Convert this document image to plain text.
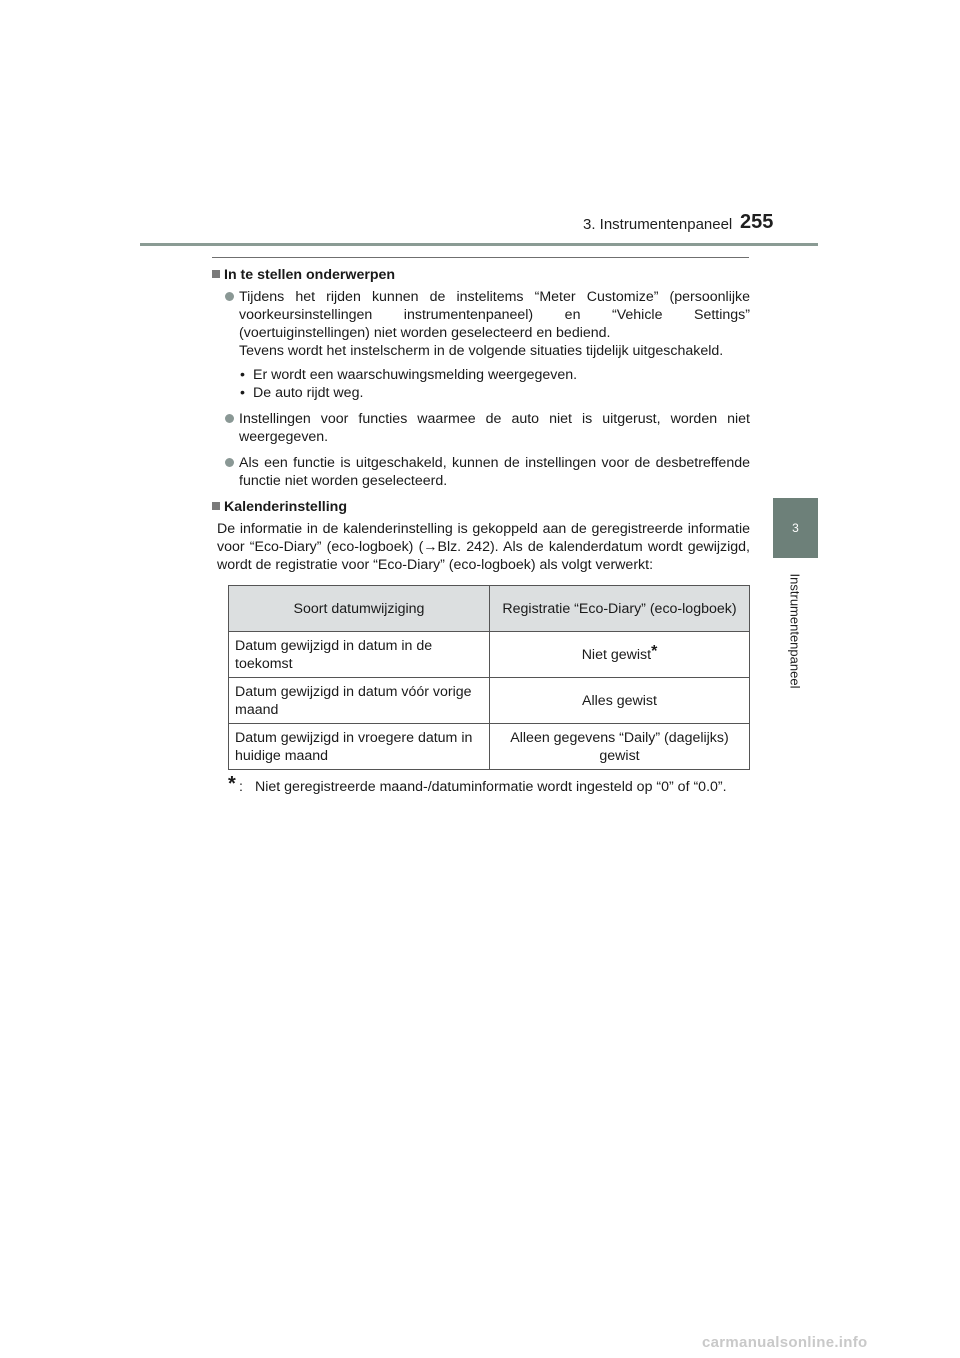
3. Instrumentenpaneel 255
3
Instrumentenpaneel
In te stellen onderwerpen

Tijdens het rijden kunnen de instelitems “Meter Customize” (persoonlijke voorkeursinstellingen instrumentenpaneel) en “Vehicle Settings” (voertuiginstellingen) niet worden geselecteerd en bediend.

Tevens wordt het instelscherm in de volgende situaties tijdelijk uitgeschakeld.

• Er wordt een waarschuwingsmelding weergegeven.
• De auto rijdt weg.
Instellingen voor functies waarmee de auto niet is uitgerust, worden niet weergegeven.
Als een functie is uitgeschakeld, kunnen de instellingen voor de desbetreffende functie niet worden geselecteerd.
Kalenderinstelling

De informatie in de kalenderinstelling is gekoppeld aan de geregistreerde informatie voor “Eco-Diary” (eco-logboek) (→Blz. 242). Als de kalenderdatum wordt gewijzigd, wordt de registratie voor “Eco-Diary” (eco-logboek) als volgt verwerkt:

Soort datumwijziging	Registratie “Eco-Diary” (eco-logboek)
Datum gewijzigd in datum in de toekomst	Niet gewist*
Datum gewijzigd in datum vóór vorige maand	Alles gewist
Datum gewijzigd in vroegere datum in huidige maand	Alleen gegevens “Daily” (dagelijks) gewist
* : Niet geregistreerde maand-/datuminformatie wordt ingesteld op “0” of “0.0”.
carmanualsonline.info
